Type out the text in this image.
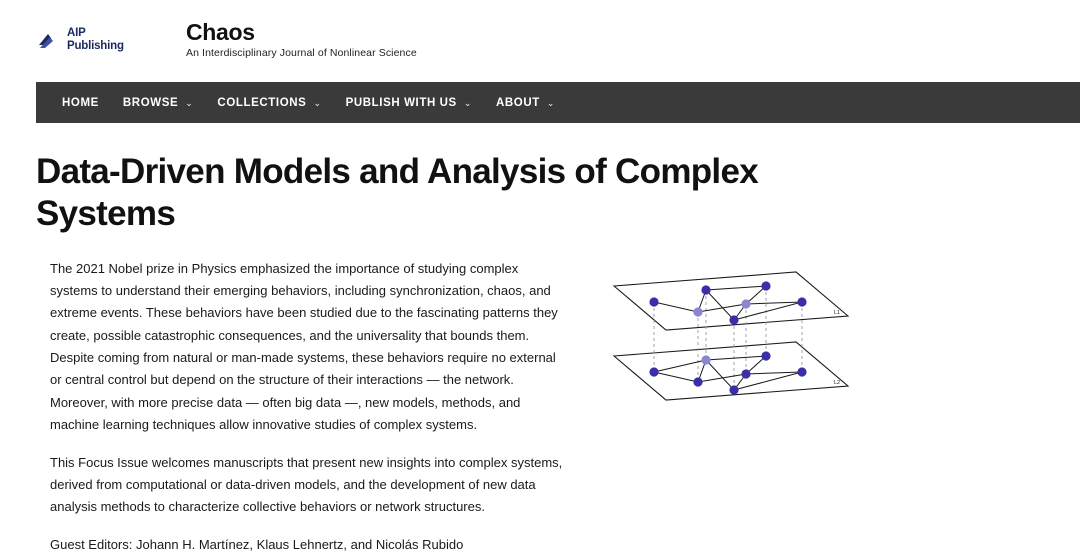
AIP
Publishing
Chaos
An Interdisciplinary Journal of Nonlinear Science
HOME BROWSE ⌄ COLLECTIONS ⌄ PUBLISH WITH US ⌄ ABOUT ⌄
Data-Driven Models and Analysis of Complex Systems

The 2021 Nobel prize in Physics emphasized the importance of studying complex systems to understand their emerging behaviors, including synchronization, chaos, and extreme events. These behaviors have been studied due to the fascinating patterns they create, possible catastrophic consequences, and the universality that bounds them. Despite coming from natural or man-made systems, these behaviors require no external or central control but depend on the structure of their interactions — the network. Moreover, with more precise data — often big data —, new models, methods, and machine learning techniques allow innovative studies of complex systems.

This Focus Issue welcomes manuscripts that present new insights into complex systems, derived from computational or data-driven models, and the development of new data analysis methods to characterize collective behaviors or network structures.

Guest Editors: Johann H. Martínez, Klaus Lehnertz, and Nicolás Rubido

L1
L2
